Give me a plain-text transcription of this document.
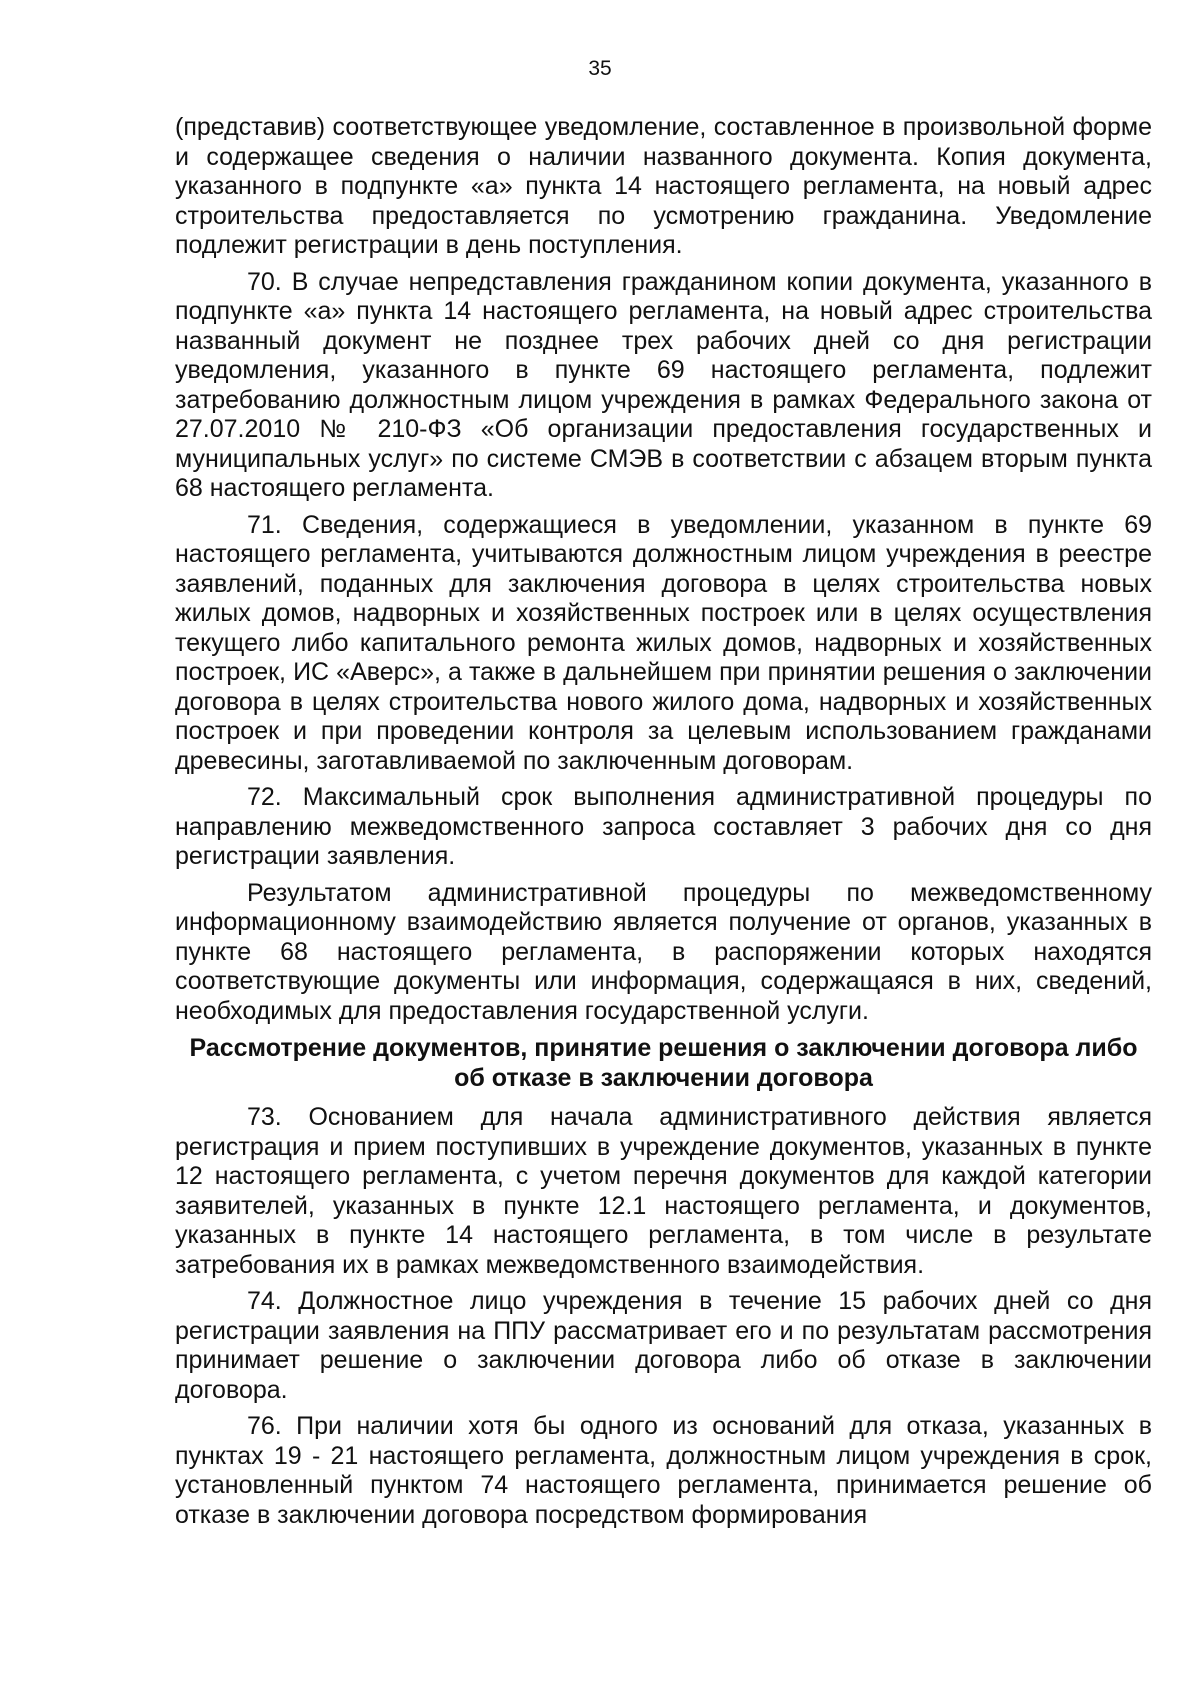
35

(представив) соответствующее уведомление, составленное в произвольной форме и содержащее сведения о наличии названного документа. Копия документа, указанного в подпункте «а» пункта 14 настоящего регламента, на новый адрес строительства предоставляется по усмотрению гражданина. Уведомление подлежит регистрации в день поступления.

70. В случае непредставления гражданином копии документа, указанного в подпункте «а» пункта 14 настоящего регламента, на новый адрес строительства названный документ не позднее трех рабочих дней со дня регистрации уведомления, указанного в пункте 69 настоящего регламента, подлежит затребованию должностным лицом учреждения в рамках Федерального закона от 27.07.2010 № 210-ФЗ «Об организации предоставления государственных и муниципальных услуг» по системе СМЭВ в соответствии с абзацем вторым пункта 68 настоящего регламента.

71. Сведения, содержащиеся в уведомлении, указанном в пункте 69 настоящего регламента, учитываются должностным лицом учреждения в реестре заявлений, поданных для заключения договора в целях строительства новых жилых домов, надворных и хозяйственных построек или в целях осуществления текущего либо капитального ремонта жилых домов, надворных и хозяйственных построек, ИС «Аверс», а также в дальнейшем при принятии решения о заключении договора в целях строительства нового жилого дома, надворных и хозяйственных построек и при проведении контроля за целевым использованием гражданами древесины, заготавливаемой по заключенным договорам.

72. Максимальный срок выполнения административной процедуры по направлению межведомственного запроса составляет 3 рабочих дня со дня регистрации заявления.

Результатом административной процедуры по межведомственному информационному взаимодействию является получение от органов, указанных в пункте 68 настоящего регламента, в распоряжении которых находятся соответствующие документы или информация, содержащаяся в них, сведений, необходимых для предоставления государственной услуги.

Рассмотрение документов, принятие решения о заключении договора либо об отказе в заключении договора

73. Основанием для начала административного действия является регистрация и прием поступивших в учреждение документов, указанных в пункте 12 настоящего регламента, с учетом перечня документов для каждой категории заявителей, указанных в пункте 12.1 настоящего регламента, и документов, указанных в пункте 14 настоящего регламента, в том числе в результате затребования их в рамках межведомственного взаимодействия.

74. Должностное лицо учреждения в течение 15 рабочих дней со дня регистрации заявления на ППУ рассматривает его и по результатам рассмотрения принимает решение о заключении договора либо об отказе в заключении договора.

76. При наличии хотя бы одного из оснований для отказа, указанных в пунктах 19 - 21 настоящего регламента, должностным лицом учреждения в срок, установленный пунктом 74 настоящего регламента, принимается решение об отказе в заключении договора посредством формирования
